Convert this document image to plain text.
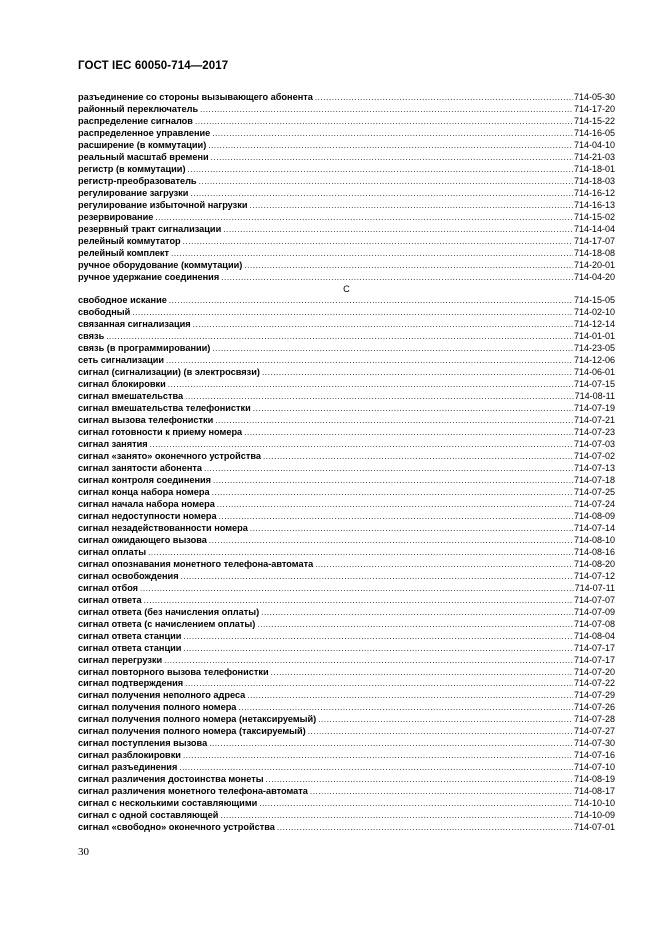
ГОСТ IEC 60050-714—2017
разъединение со стороны вызывающего абонента .....	714-05-30
районный переключатель .....	714-17-20
распределение сигналов .....	714-15-22
распределенное управление .....	714-16-05
расширение (в коммутации) .....	714-04-10
реальный масштаб времени .....	714-21-03
регистр (в коммутации) .....	714-18-01
регистр-преобразователь .....	714-18-03
регулирование загрузки .....	714-16-12
регулирование избыточной нагрузки .....	714-16-13
резервирование .....	714-15-02
резервный тракт сигнализации .....	714-14-04
релейный коммутатор .....	714-17-07
релейный комплект .....	714-18-08
ручное оборудование (коммутации) .....	714-20-01
ручное удержание соединения .....	714-04-20
С
свободное искание .....	714-15-05
свободный .....	714-02-10
связанная сигнализация .....	714-12-14
связь .....	714-01-01
связь (в программировании) .....	714-23-05
сеть сигнализации .....	714-12-06
сигнал (сигнализации) (в электросвязи) .....	714-06-01
сигнал блокировки .....	714-07-15
сигнал вмешательства .....	714-08-11
сигнал вмешательства телефонистки .....	714-07-19
сигнал вызова телефонистки .....	714-07-21
сигнал готовности к приему номера .....	714-07-23
сигнал занятия .....	714-07-03
сигнал «занято» оконечного устройства .....	714-07-02
сигнал занятости абонента .....	714-07-13
сигнал контроля соединения .....	714-07-18
сигнал конца набора номера .....	714-07-25
сигнал начала набора номера .....	714-07-24
сигнал недоступности номера .....	714-08-09
сигнал незадействованности номера .....	714-07-14
сигнал ожидающего вызова .....	714-08-10
сигнал оплаты .....	714-08-16
сигнал опознавания монетного телефона-автомата .....	714-08-20
сигнал освобождения .....	714-07-12
сигнал отбоя .....	714-07-11
сигнал ответа .....	714-07-07
сигнал ответа (без начисления оплаты) .....	714-07-09
сигнал ответа (с начислением оплаты) .....	714-07-08
сигнал ответа станции .....	714-08-04
сигнал ответа станции .....	714-07-17
сигнал перегрузки .....	714-07-17
сигнал повторного вызова телефонистки .....	714-07-20
сигнал подтверждения .....	714-07-22
сигнал получения неполного адреса .....	714-07-29
сигнал получения полного номера .....	714-07-26
сигнал получения полного номера (нетаксируемый) .....	714-07-28
сигнал получения полного номера (таксируемый) .....	714-07-27
сигнал поступления вызова .....	714-07-30
сигнал разблокировки .....	714-07-16
сигнал разъединения .....	714-07-10
сигнал различения достоинства монеты .....	714-08-19
сигнал различения монетного телефона-автомата .....	714-08-17
сигнал с несколькими составляющими .....	714-10-10
сигнал с одной составляющей .....	714-10-09
сигнал «свободно» оконечного устройства .....	714-07-01
30
